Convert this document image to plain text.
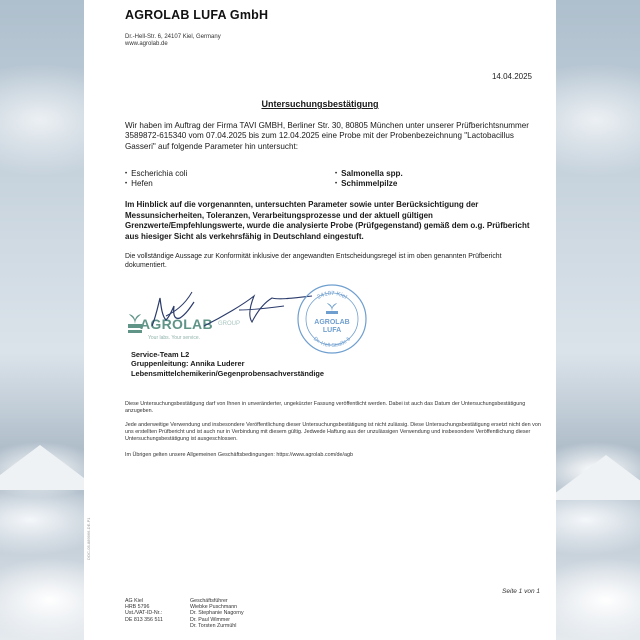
DOC-05-889966-DE-P1
AGROLAB LUFA GmbH
Dr.-Hell-Str. 6, 24107 Kiel, Germany
www.agrolab.de
14.04.2025
Untersuchungsbestätigung
Wir haben im Auftrag der Firma TAVI GMBH, Berliner Str. 30, 80805 München unter unserer Prüfberichtsnummer 3589872-615340 vom 07.04.2025 bis zum 12.04.2025 eine Probe mit der Probenbezeichnung "Lactobacillus Gasseri" auf folgende Parameter hin untersucht:
• Escherichia coli
• Hefen
• Salmonella spp.
• Schimmelpilze
Im Hinblick auf die vorgenannten, untersuchten Parameter sowie unter Berücksichtigung der Messunsicherheiten, Toleranzen, Verarbeitungsprozesse und der aktuell gültigen Grenzwerte/Empfehlungswerte, wurde die analysierte Probe (Prüfgegenstand) gemäß dem o.g. Prüfbericht aus hiesiger Sicht als verkehrsfähig in Deutschland eingestuft.
Die vollständige Aussage zur Konformität inklusive der angewandten Entscheidungsregel ist im oben genannten Prüfbericht dokumentiert.
AGROLAB GROUP
Your labs. Your service.
24107 Kiel
Dr.-Hell-Straße 6
AGROLAB
LUFA
Service-Team L2
Gruppenleitung: Annika Luderer
Lebensmittelchemikerin/Gegenprobensachverständige
Diese Untersuchungsbestätigung darf von Ihnen in unveränderter, ungekürzter Fassung veröffentlicht werden. Dabei ist auch das Datum der Untersuchungsbestätigung anzugeben.
Jede anderweitige Verwendung und insbesondere Veröffentlichung dieser Untersuchungsbestätigung ist nicht zulässig. Diese Untersuchungsbestätigung ersetzt nicht den von uns erstellten Prüfbericht und ist auch nur in Verbindung mit diesem gültig. Jedwede Haftung aus der unzulässigen Verwendung und insbesondere Veröffentlichung dieser Untersuchungsbestätigung ist ausgeschlossen.
Im Übrigen gelten unsere Allgemeinen Geschäftsbedingungen: https://www.agrolab.com/de/agb
Seite 1 von 1
AG Kiel
HRB 5796
Ust./VAT-ID-Nr.:
DE 813 356 511
Geschäftsführer
Wiebke Puschmann
Dr. Stephanie Nagorny
Dr. Paul Wimmer
Dr. Torsten Zurmühl
